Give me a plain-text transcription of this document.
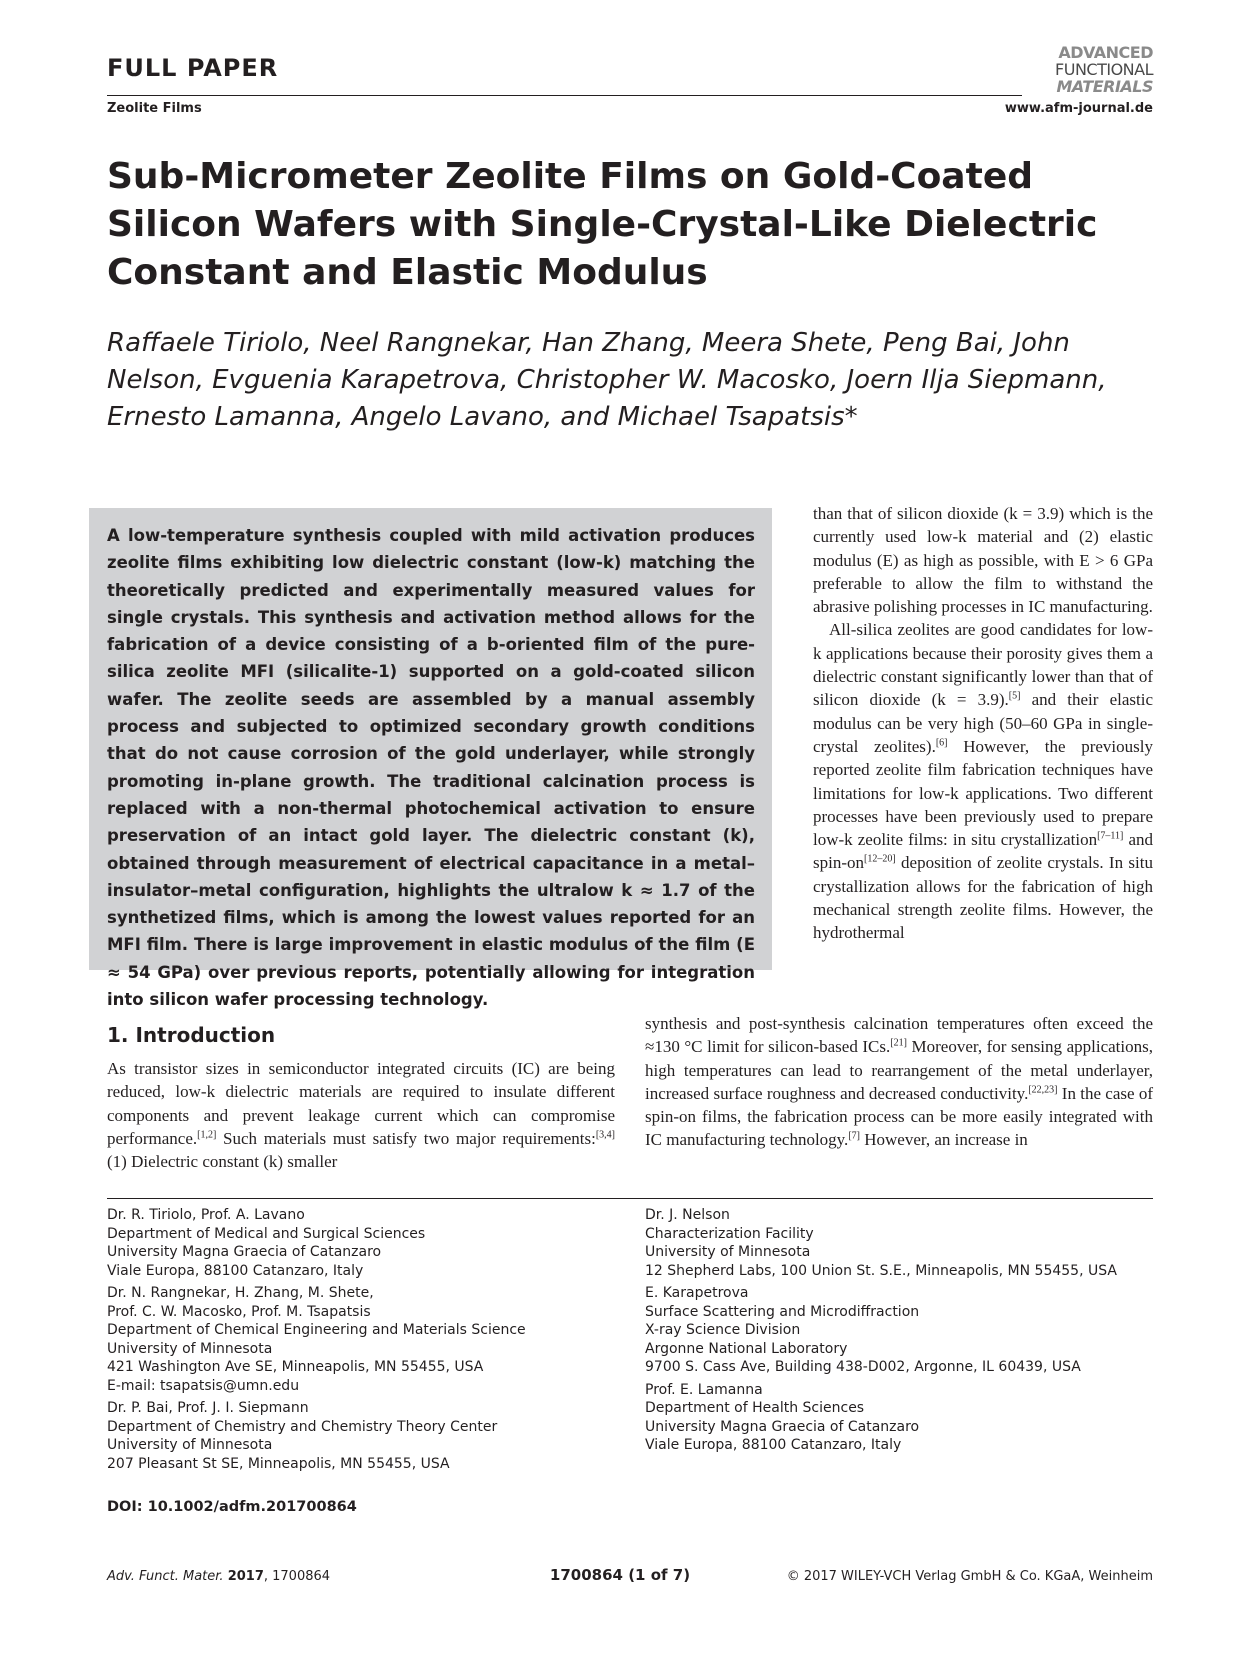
FULL PAPER
Zeolite Films
ADVANCED
FUNCTIONAL
MATERIALS
www.afm-journal.de
Sub-Micrometer Zeolite Films on Gold-Coated Silicon Wafers with Single-Crystal-Like Dielectric Constant and Elastic Modulus
Raffaele Tiriolo, Neel Rangnekar, Han Zhang, Meera Shete, Peng Bai, John Nelson, Evguenia Karapetrova, Christopher W. Macosko, Joern Ilja Siepmann, Ernesto Lamanna, Angelo Lavano, and Michael Tsapatsis*
A low-temperature synthesis coupled with mild activation produces zeolite films exhibiting low dielectric constant (low-k) matching the theoretically predicted and experimentally measured values for single crystals. This synthesis and activation method allows for the fabrication of a device consisting of a b-oriented film of the pure-silica zeolite MFI (silicalite-1) supported on a gold-coated silicon wafer. The zeolite seeds are assembled by a manual assembly process and subjected to optimized secondary growth conditions that do not cause corrosion of the gold underlayer, while strongly promoting in-plane growth. The traditional calcination process is replaced with a non-thermal photochemical activation to ensure preservation of an intact gold layer. The dielectric constant (k), obtained through measurement of electrical capacitance in a metal–insulator–metal configuration, highlights the ultralow k ≈ 1.7 of the synthetized films, which is among the lowest values reported for an MFI film. There is large improvement in elastic modulus of the film (E ≈ 54 GPa) over previous reports, potentially allowing for integration into silicon wafer processing technology.

than that of silicon dioxide (k = 3.9) which is the currently used low-k material and (2) elastic modulus (E) as high as possible, with E > 6 GPa preferable to allow the film to withstand the abrasive polishing processes in IC manufacturing.

All-silica zeolites are good candidates for low-k applications because their porosity gives them a dielectric constant significantly lower than that of silicon dioxide (k = 3.9).[5] and their elastic modulus can be very high (50–60 GPa in single-crystal zeolites).[6] However, the previously reported zeolite film fabrication techniques have limitations for low-k applications. Two different processes have been previously used to prepare low-k zeolite films: in situ crystallization[7–11] and spin-on[12–20] deposition of zeolite crystals. In situ crystallization allows for the fabrication of high mechanical strength zeolite films. However, the hydrothermal

1. Introduction

As transistor sizes in semiconductor integrated circuits (IC) are being reduced, low-k dielectric materials are required to insulate different components and prevent leakage current which can compromise performance.[1,2] Such materials must satisfy two major requirements:[3,4] (1) Dielectric constant (k) smaller

synthesis and post-synthesis calcination temperatures often exceed the ≈130 °C limit for silicon-based ICs.[21] Moreover, for sensing applications, high temperatures can lead to rearrangement of the metal underlayer, increased surface roughness and decreased conductivity.[22,23] In the case of spin-on films, the fabrication process can be more easily integrated with IC manufacturing technology.[7] However, an increase in

Dr. R. Tiriolo, Prof. A. Lavano
Department of Medical and Surgical Sciences
University Magna Graecia of Catanzaro
Viale Europa, 88100 Catanzaro, Italy
Dr. N. Rangnekar, H. Zhang, M. Shete,
Prof. C. W. Macosko, Prof. M. Tsapatsis
Department of Chemical Engineering and Materials Science
University of Minnesota
421 Washington Ave SE, Minneapolis, MN 55455, USA
E-mail: tsapatsis@umn.edu
Dr. P. Bai, Prof. J. I. Siepmann
Department of Chemistry and Chemistry Theory Center
University of Minnesota
207 Pleasant St SE, Minneapolis, MN 55455, USA
Dr. J. Nelson
Characterization Facility
University of Minnesota
12 Shepherd Labs, 100 Union St. S.E., Minneapolis, MN 55455, USA
E. Karapetrova
Surface Scattering and Microdiffraction
X-ray Science Division
Argonne National Laboratory
9700 S. Cass Ave, Building 438-D002, Argonne, IL 60439, USA
Prof. E. Lamanna
Department of Health Sciences
University Magna Graecia of Catanzaro
Viale Europa, 88100 Catanzaro, Italy
DOI: 10.1002/adfm.201700864
Adv. Funct. Mater. 2017, 1700864	1700864 (1 of 7)	© 2017 WILEY-VCH Verlag GmbH & Co. KGaA, Weinheim
